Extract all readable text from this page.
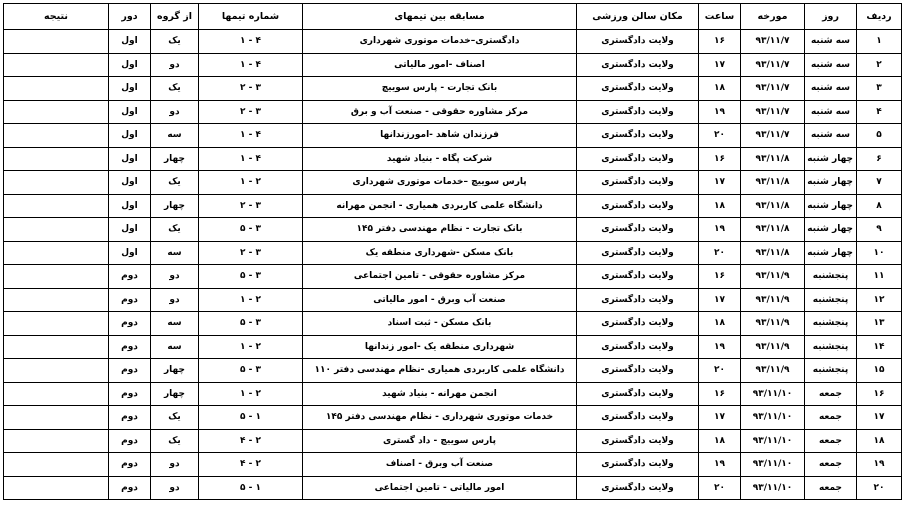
ردیف	روز	مورخه	ساعت	مکان سالن ورزشی	مسابقه بین تیمهای	شماره تیمها	از گروه	دور	نتیجه
۱	سه شنبه	۹۳/۱۱/۷	۱۶	ولایت دادگستری	دادگستری–خدمات موتوری شهرداری	۴ - ۱	یک	اول	
۲	سه شنبه	۹۳/۱۱/۷	۱۷	ولایت دادگستری	اصناف -امور مالیاتی	۴ - ۱	دو	اول	
۳	سه شنبه	۹۳/۱۱/۷	۱۸	ولایت دادگستری	بانک تجارت - پارس سوییچ	۳ - ۲	یک	اول	
۴	سه شنبه	۹۳/۱۱/۷	۱۹	ولایت دادگستری	مرکز مشاوره حقوقی - صنعت آب و برق	۳ - ۲	دو	اول	
۵	سه شنبه	۹۳/۱۱/۷	۲۰	ولایت دادگستری	فرزندان شاهد -امورزندانها	۴ - ۱	سه	اول	
۶	چهار شنبه	۹۳/۱۱/۸	۱۶	ولایت دادگستری	شرکت پگاه - بنیاد شهید	۴ - ۱	چهار	اول	
۷	چهار شنبه	۹۳/۱۱/۸	۱۷	ولایت دادگستری	پارس سوییچ –خدمات موتوری شهرداری	۲ - ۱	یک	اول	
۸	چهار شنبه	۹۳/۱۱/۸	۱۸	ولایت دادگستری	دانشگاه علمی کاربردی همیاری - انجمن مهرانه	۳ - ۲	چهار	اول	
۹	چهار شنبه	۹۳/۱۱/۸	۱۹	ولایت دادگستری	بانک تجارت - نظام مهندسی دفتر ۱۴۵	۳ - ۵	یک	اول	
۱۰	چهار شنبه	۹۳/۱۱/۸	۲۰	ولایت دادگستری	بانک مسکن -شهرداری منطقه یک	۳ - ۲	سه	اول	
۱۱	پنجشنبه	۹۳/۱۱/۹	۱۶	ولایت دادگستری	مرکز مشاوره حقوقی - تامین اجتماعی	۳ - ۵	دو	دوم	
۱۲	پنجشنبه	۹۳/۱۱/۹	۱۷	ولایت دادگستری	صنعت آب وبرق - امور مالیاتی	۲ - ۱	دو	دوم	
۱۳	پنجشنبه	۹۳/۱۱/۹	۱۸	ولایت دادگستری	بانک مسکن - ثبت اسناد	۳ - ۵	سه	دوم	
۱۴	پنجشنبه	۹۳/۱۱/۹	۱۹	ولایت دادگستری	شهرداری منطقه یک -امور زندانها	۲ - ۱	سه	دوم	
۱۵	پنجشنبه	۹۳/۱۱/۹	۲۰	ولایت دادگستری	دانشگاه علمی کاربردی همیاری -نظام مهندسی دفتر ۱۱۰	۳ - ۵	چهار	دوم	
۱۶	جمعه	۹۳/۱۱/۱۰	۱۶	ولایت دادگستری	انجمن مهرانه - بنیاد شهید	۲ - ۱	چهار	دوم	
۱۷	جمعه	۹۳/۱۱/۱۰	۱۷	ولایت دادگستری	خدمات موتوری شهرداری - نظام مهندسی دفتر ۱۴۵	۱ - ۵	یک	دوم	
۱۸	جمعه	۹۳/۱۱/۱۰	۱۸	ولایت دادگستری	پارس سوییچ - داد گستری	۲ - ۴	یک	دوم	
۱۹	جمعه	۹۳/۱۱/۱۰	۱۹	ولایت دادگستری	صنعت آب وبرق - اصناف	۲ - ۴	دو	دوم	
۲۰	جمعه	۹۳/۱۱/۱۰	۲۰	ولایت دادگستری	امور مالیاتی - تامین اجتماعی	۱ - ۵	دو	دوم	
